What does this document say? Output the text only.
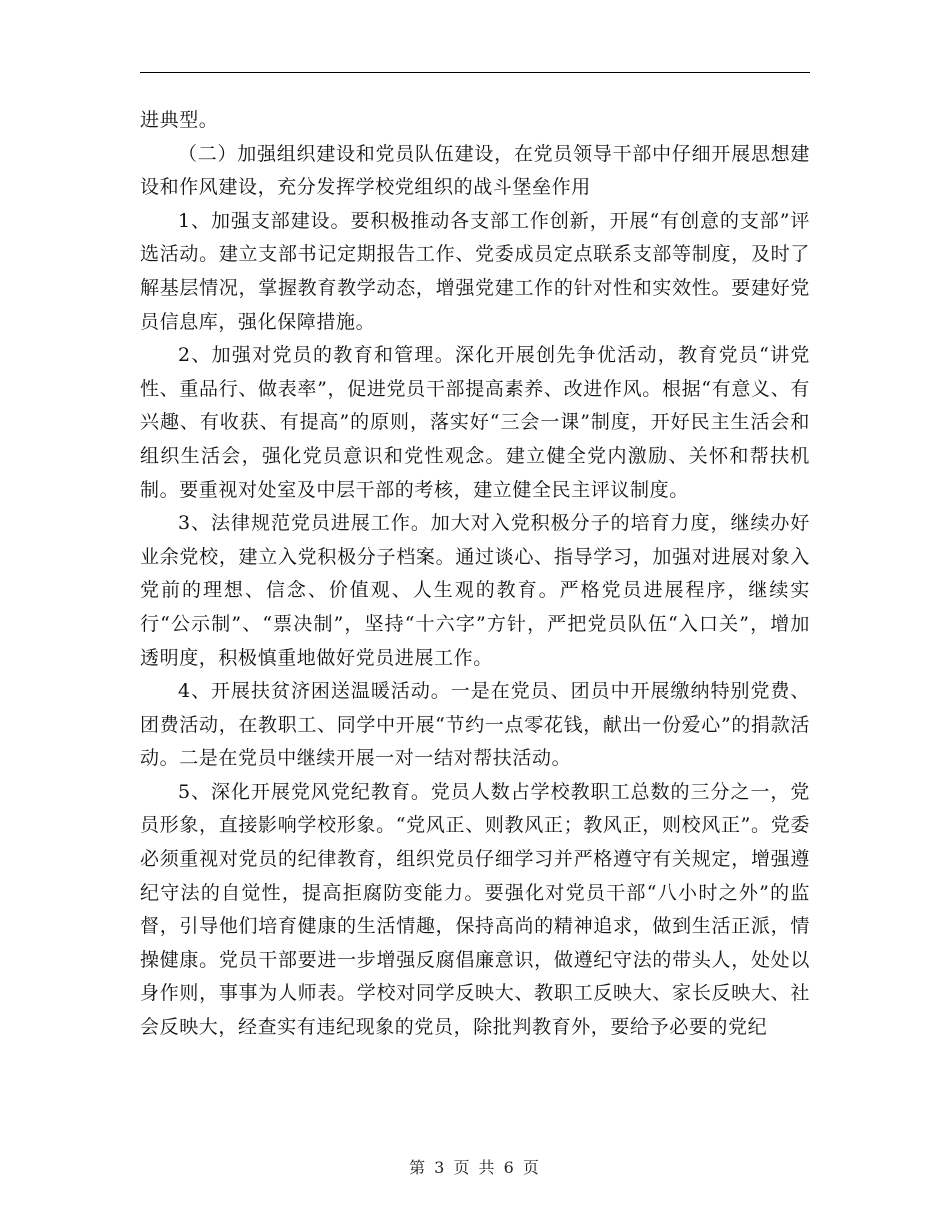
进典型。

（二）加强组织建设和党员队伍建设，在党员领导干部中仔细开展思想建设和作风建设，充分发挥学校党组织的战斗堡垒作用

1、加强支部建设。要积极推动各支部工作创新，开展“有创意的支部”评选活动。建立支部书记定期报告工作、党委成员定点联系支部等制度，及时了解基层情况，掌握教育教学动态，增强党建工作的针对性和实效性。要建好党员信息库，强化保障措施。

2、加强对党员的教育和管理。深化开展创先争优活动，教育党员“讲党性、重品行、做表率”，促进党员干部提高素养、改进作风。根据“有意义、有兴趣、有收获、有提高”的原则，落实好“三会一课”制度，开好民主生活会和组织生活会，强化党员意识和党性观念。建立健全党内激励、关怀和帮扶机制。要重视对处室及中层干部的考核，建立健全民主评议制度。

3、法律规范党员进展工作。加大对入党积极分子的培育力度，继续办好业余党校，建立入党积极分子档案。通过谈心、指导学习，加强对进展对象入党前的理想、信念、价值观、人生观的教育。严格党员进展程序，继续实行“公示制”、“票决制”，坚持“十六字”方针，严把党员队伍“入口关”，增加透明度，积极慎重地做好党员进展工作。

4、开展扶贫济困送温暖活动。一是在党员、团员中开展缴纳特别党费、团费活动，在教职工、同学中开展“节约一点零花钱，献出一份爱心”的捐款活动。二是在党员中继续开展一对一结对帮扶活动。

5、深化开展党风党纪教育。党员人数占学校教职工总数的三分之一，党员形象，直接影响学校形象。“党风正、则教风正；教风正，则校风正”。党委必须重视对党员的纪律教育，组织党员仔细学习并严格遵守有关规定，增强遵纪守法的自觉性，提高拒腐防变能力。要强化对党员干部“八小时之外”的监督，引导他们培育健康的生活情趣，保持高尚的精神追求，做到生活正派，情操健康。党员干部要进一步增强反腐倡廉意识，做遵纪守法的带头人，处处以身作则，事事为人师表。学校对同学反映大、教职工反映大、家长反映大、社会反映大，经查实有违纪现象的党员，除批判教育外，要给予必要的党纪

第 3 页 共 6 页
